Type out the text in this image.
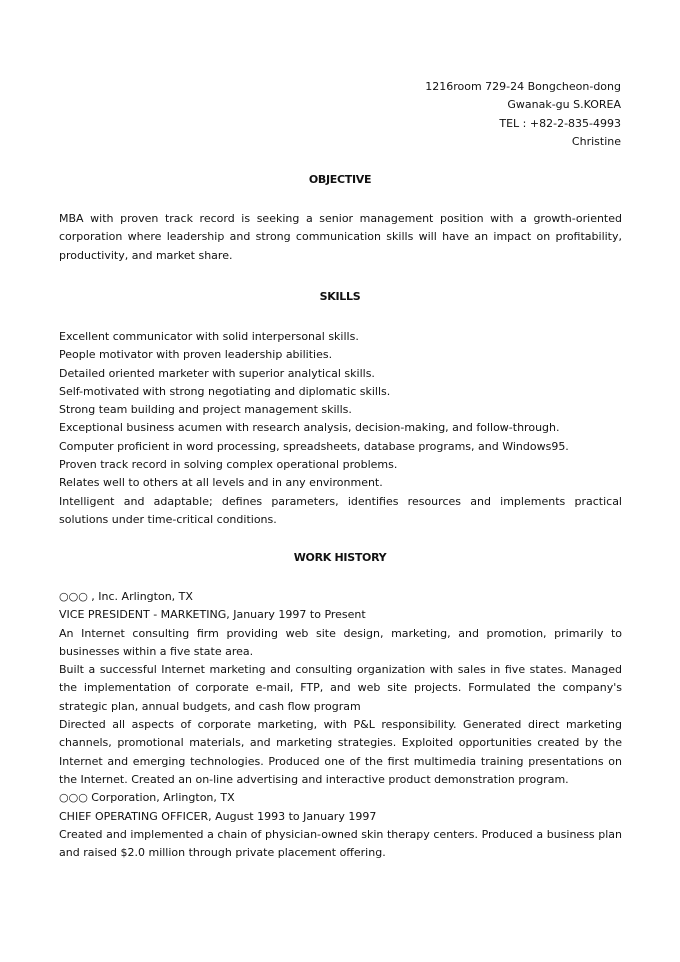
1216room 729-24 Bongcheon-dong
Gwanak-gu S.KOREA
TEL : +82-2-835-4993
Christine
OBJECTIVE
MBA with proven track record is seeking a senior management position with a growth-oriented corporation where leadership and strong communication skills will have an impact on profitability, productivity, and market share.
SKILLS
Excellent communicator with solid interpersonal skills.
People motivator with proven leadership abilities.
Detailed oriented marketer with superior analytical skills.
Self-motivated with strong negotiating and diplomatic skills.
Strong team building and project management skills.
Exceptional business acumen with research analysis, decision-making, and follow-through.
Computer proficient in word processing, spreadsheets, database programs, and Windows95.
Proven track record in solving complex operational problems.
Relates well to others at all levels and in any environment.
Intelligent and adaptable; defines parameters, identifies resources and implements practical solutions under time-critical conditions.
WORK HISTORY
○○○ , Inc. Arlington, TX
VICE PRESIDENT - MARKETING, January 1997 to Present

An Internet consulting firm providing web site design, marketing, and promotion, primarily to businesses within a five state area.

Built a successful Internet marketing and consulting organization with sales in five states. Managed the implementation of corporate e-mail, FTP, and web site projects. Formulated the company's strategic plan, annual budgets, and cash flow program

Directed all aspects of corporate marketing, with P&L responsibility. Generated direct marketing channels, promotional materials, and marketing strategies. Exploited opportunities created by the Internet and emerging technologies. Produced one of the first multimedia training presentations on the Internet. Created an on-line advertising and interactive product demonstration program.

○○○ Corporation, Arlington, TX
CHIEF OPERATING OFFICER, August 1993 to January 1997

Created and implemented a chain of physician-owned skin therapy centers. Produced a business plan and raised $2.0 million through private placement offering.
